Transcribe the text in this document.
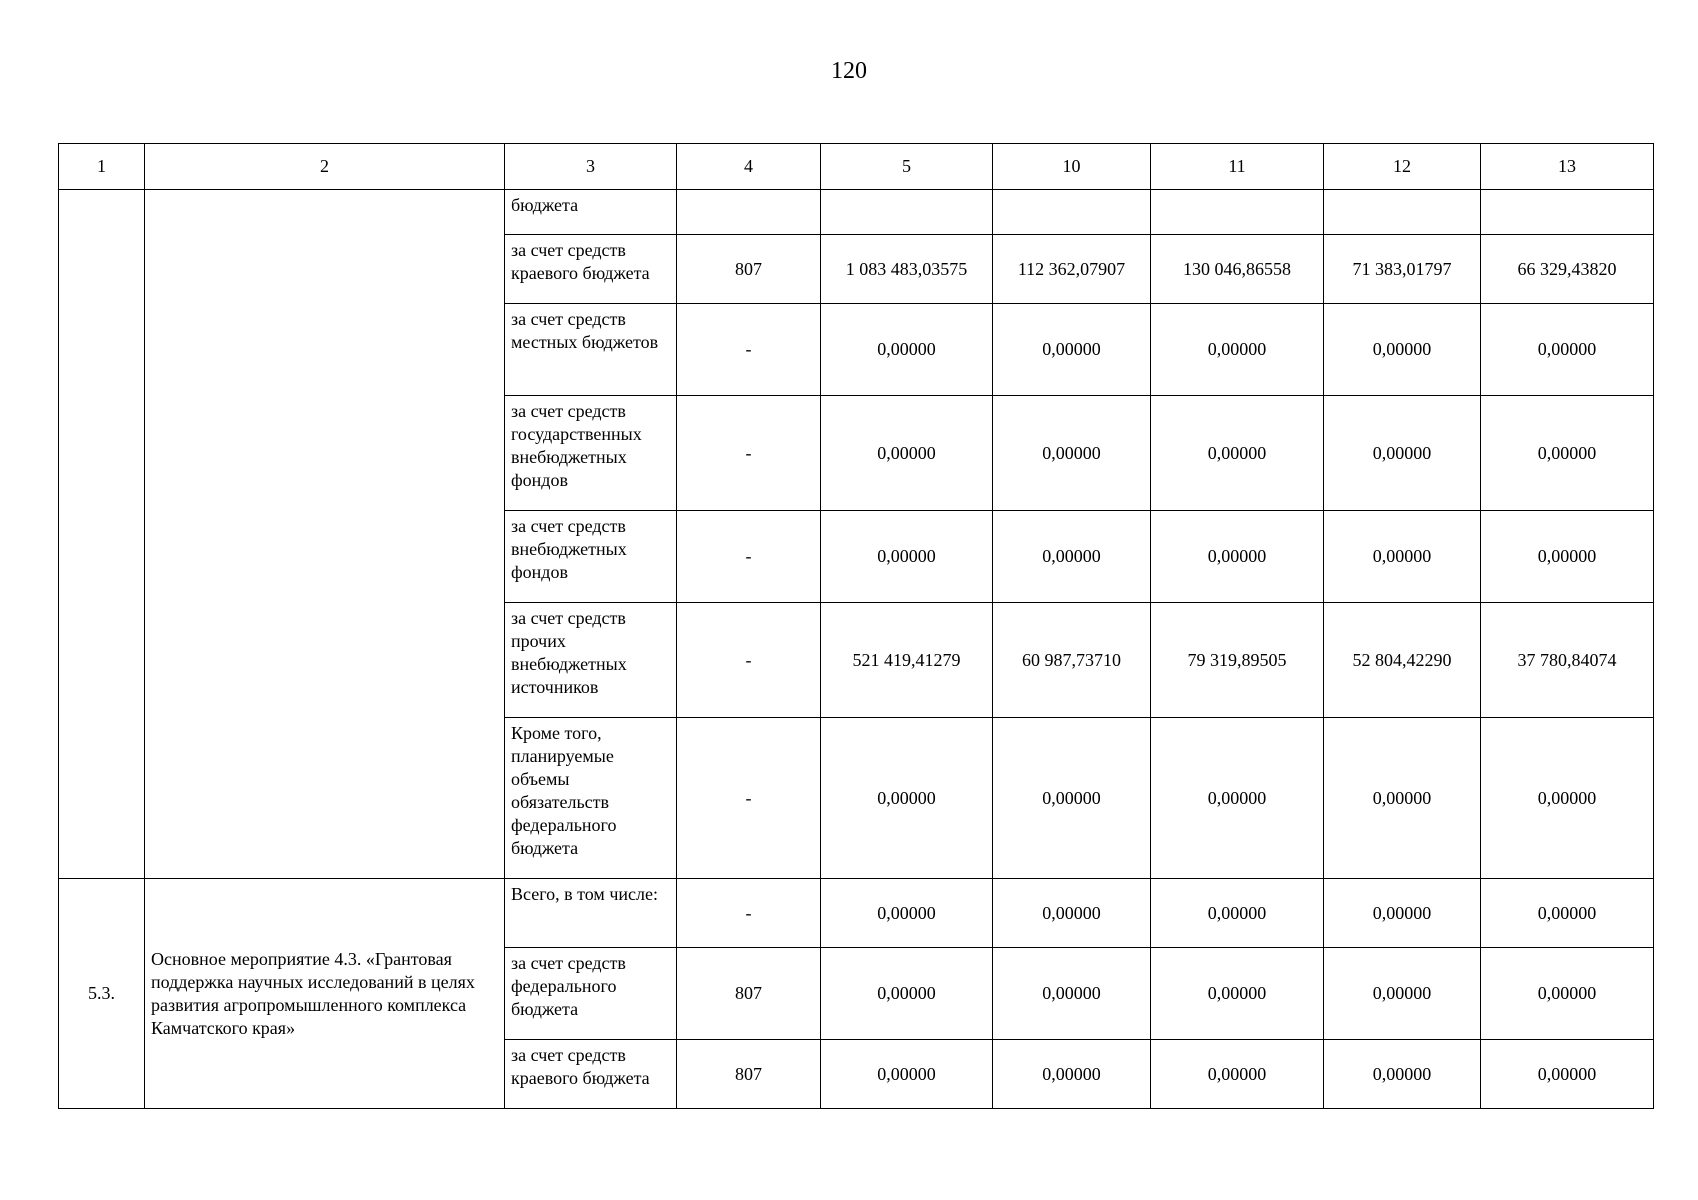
120
1	2	3	4	5	10	11	12	13
		бюджета						
		за счет средств краевого бюджета	807	1 083 483,03575	112 362,07907	130 046,86558	71 383,01797	66 329,43820
		за счет средств местных бюджетов	-	0,00000	0,00000	0,00000	0,00000	0,00000
		за счет средств государственных внебюджетных фондов	-	0,00000	0,00000	0,00000	0,00000	0,00000
		за счет средств внебюджетных фондов	-	0,00000	0,00000	0,00000	0,00000	0,00000
		за счет средств прочих внебюджетных источников	-	521 419,41279	60 987,73710	79 319,89505	52 804,42290	37 780,84074
		Кроме того, планируемые объемы обязательств федерального бюджета	-	0,00000	0,00000	0,00000	0,00000	0,00000
5.3.	Основное мероприятие 4.3. «Грантовая поддержка научных исследований в целях развития агропромышленного комплекса Камчатского края»	Всего, в том числе:	-	0,00000	0,00000	0,00000	0,00000	0,00000
		за счет средств федерального бюджета	807	0,00000	0,00000	0,00000	0,00000	0,00000
		за счет средств краевого бюджета	807	0,00000	0,00000	0,00000	0,00000	0,00000
